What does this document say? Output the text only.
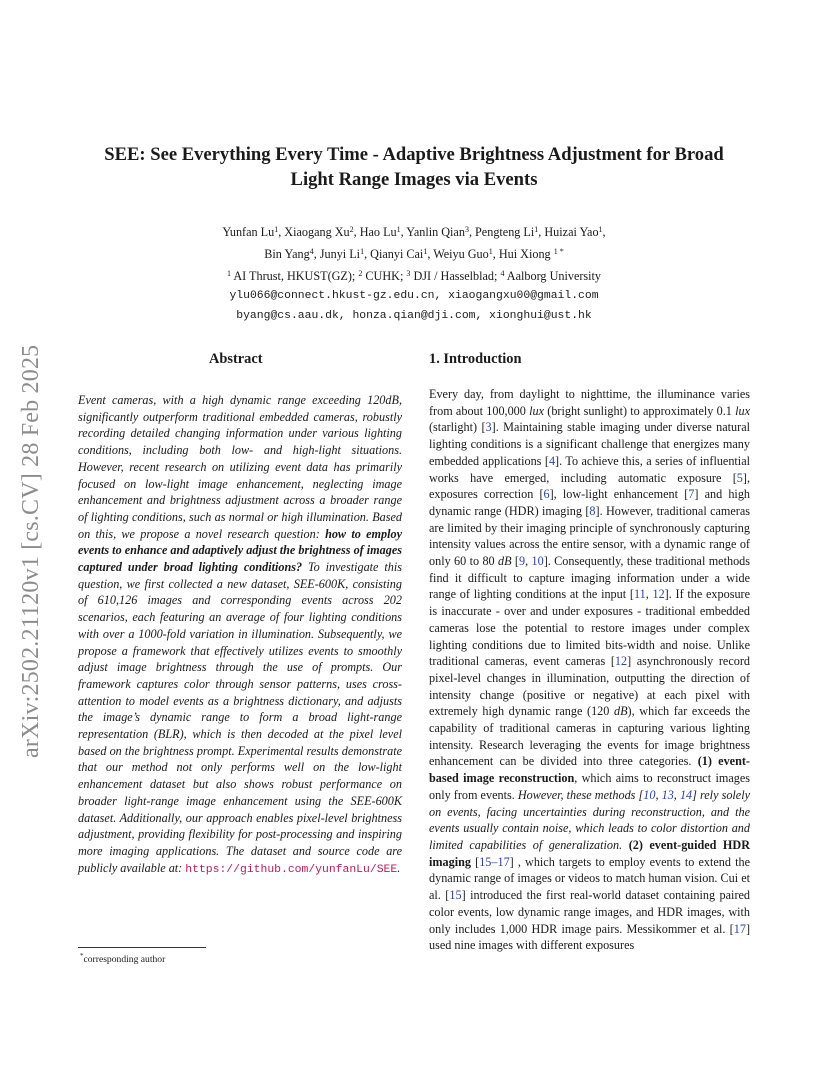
arXiv:2502.21120v1 [cs.CV] 28 Feb 2025
SEE: See Everything Every Time - Adaptive Brightness Adjustment for Broad
Light Range Images via Events
Yunfan Lu$^1$, Xiaogang Xu$^2$, Hao Lu$^1$, Yanlin Qian$^3$, Pengteng Li$^1$, Huizai Yao$^1$,
Bin Yang$^4$, Junyi Li$^1$, Qianyi Cai$^1$, Weiyu Guo$^1$, Hui Xiong $^{1 *}$
$^1$ AI Thrust, HKUST(GZ); $^2$ CUHK; $^3$ DJI / Hasselblad; $^4$ Aalborg University
ylu066@connect.hkust-gz.edu.cn, xiaogangxu00@gmail.com
byang@cs.aau.dk, honza.qian@dji.com, xionghui@ust.hk
Abstract	1. Introduction

Event cameras, with a high dynamic range exceeding 120dB, significantly outperform traditional embedded cameras, robustly recording detailed changing information under various lighting conditions, including both low- and high-light situations. However, recent research on utilizing event data has primarily focused on low-light image enhancement, neglecting image enhancement and brightness adjustment across a broader range of lighting conditions, such as normal or high illumination. Based on this, we propose a novel research question: how to employ events to enhance and adaptively adjust the brightness of images captured under broad lighting conditions? To investigate this question, we first collected a new dataset, SEE-600K, consisting of 610,126 images and corresponding events across 202 scenarios, each featuring an average of four lighting conditions with over a 1000-fold variation in illumination. Subsequently, we propose a framework that effectively utilizes events to smoothly adjust image brightness through the use of prompts. Our framework captures color through sensor patterns, uses cross-attention to model events as a brightness dictionary, and adjusts the image’s dynamic range to form a broad light-range representation (BLR), which is then decoded at the pixel level based on the brightness prompt. Experimental results demonstrate that our method not only performs well on the low-light enhancement dataset but also shows robust performance on broader light-range image enhancement using the SEE-600K dataset. Additionally, our approach enables pixel-level brightness adjustment, providing flexibility for post-processing and inspiring more imaging applications. The dataset and source code are publicly available at: https://github.com/yunfanLu/SEE.

Every day, from daylight to nighttime, the illuminance varies from about 100,000 lux (bright sunlight) to approximately 0.1 lux (starlight) [3]. Maintaining stable imaging under diverse natural lighting conditions is a significant challenge that energizes many embedded applications [4]. To achieve this, a series of influential works have emerged, including automatic exposure [5], exposures correction [6], low-light enhancement [7] and high dynamic range (HDR) imaging [8]. However, traditional cameras are limited by their imaging principle of synchronously capturing intensity values across the entire sensor, with a dynamic range of only 60 to 80 dB [9, 10]. Consequently, these traditional methods find it difficult to capture imaging information under a wide range of lighting conditions at the input [11, 12]. If the exposure is inaccurate - over and under exposures - traditional embedded cameras lose the potential to restore images under complex lighting conditions due to limited bits-width and noise. Unlike traditional cameras, event cameras [12] asynchronously record pixel-level changes in illumination, outputting the direction of intensity change (positive or negative) at each pixel with extremely high dynamic range (120 dB), which far exceeds the capability of traditional cameras in capturing various lighting intensity. Research leveraging the events for image brightness enhancement can be divided into three categories. (1) event-based image reconstruction, which aims to reconstruct images only from events. However, these methods [10, 13, 14] rely solely on events, facing uncertainties during reconstruction, and the events usually contain noise, which leads to color distortion and limited capabilities of generalization. (2) event-guided HDR imaging [15–17] , which targets to employ events to extend the dynamic range of images or videos to match human vision. Cui et al. [15] introduced the first real-world dataset containing paired color events, low dynamic range images, and HDR images, with only includes 1,000 HDR image pairs. Messikommer et al. [17] used nine images with different exposures

*corresponding author
